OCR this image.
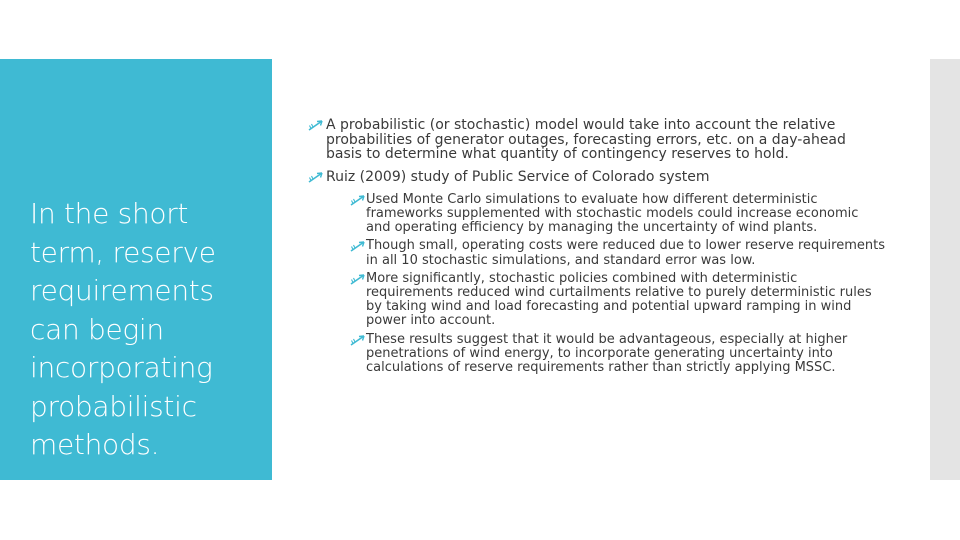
In the short term, reserve requirements can begin incorporating probabilistic methods.
A probabilistic (or stochastic) model would take into account the relative probabilities of generator outages, forecasting errors, etc. on a day-ahead basis to determine what quantity of contingency reserves to hold.
Ruiz (2009) study of Public Service of Colorado system
Used Monte Carlo simulations to evaluate how different deterministic frameworks supplemented with stochastic models could increase economic and operating efficiency by managing the uncertainty of wind plants.
Though small, operating costs were reduced due to lower reserve requirements in all 10 stochastic simulations, and standard error was low.
More significantly, stochastic policies combined with deterministic requirements reduced wind curtailments relative to purely deterministic rules by taking wind and load forecasting and potential upward ramping in wind power into account.
These results suggest that it would be advantageous, especially at higher penetrations of wind energy, to incorporate generating uncertainty into calculations of reserve requirements rather than strictly applying MSSC.
